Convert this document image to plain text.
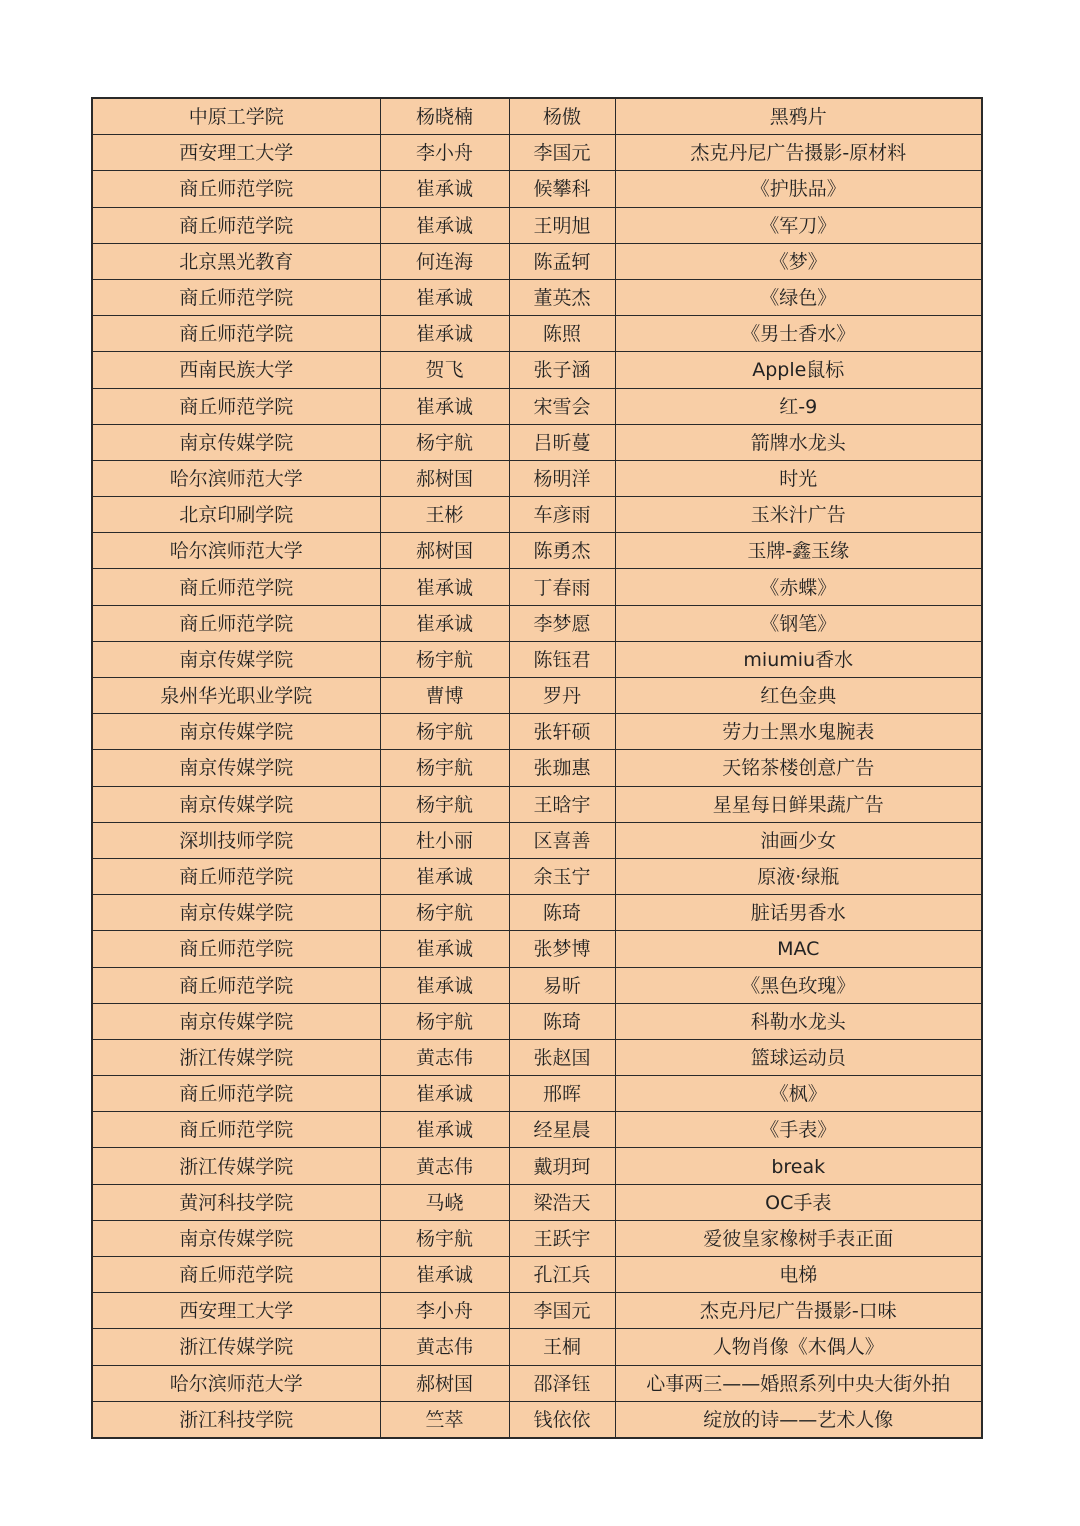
中原工学院	杨晓楠	杨傲	黑鸦片
西安理工大学	李小舟	李国元	杰克丹尼广告摄影-原材料
商丘师范学院	崔承诚	候攀科	《护肤品》
商丘师范学院	崔承诚	王明旭	《军刀》
北京黑光教育	何连海	陈孟轲	《梦》
商丘师范学院	崔承诚	董英杰	《绿色》
商丘师范学院	崔承诚	陈照	《男士香水》
西南民族大学	贺飞	张子涵	Apple鼠标
商丘师范学院	崔承诚	宋雪会	红-9
南京传媒学院	杨宇航	吕昕蔓	箭牌水龙头
哈尔滨师范大学	郝树国	杨明洋	时光
北京印刷学院	王彬	车彦雨	玉米汁广告
哈尔滨师范大学	郝树国	陈勇杰	玉牌-鑫玉缘
商丘师范学院	崔承诚	丁春雨	《赤蝶》
商丘师范学院	崔承诚	李梦愿	《钢笔》
南京传媒学院	杨宇航	陈钰君	miumiu香水
泉州华光职业学院	曹博	罗丹	红色金典
南京传媒学院	杨宇航	张轩硕	劳力士黑水鬼腕表
南京传媒学院	杨宇航	张珈惠	天铭茶楼创意广告
南京传媒学院	杨宇航	王晗宇	星星每日鲜果蔬广告
深圳技师学院	杜小丽	区喜善	油画少女
商丘师范学院	崔承诚	余玉宁	原液·绿瓶
南京传媒学院	杨宇航	陈琦	脏话男香水
商丘师范学院	崔承诚	张梦博	MAC
商丘师范学院	崔承诚	易昕	《黑色玫瑰》
南京传媒学院	杨宇航	陈琦	科勒水龙头
浙江传媒学院	黄志伟	张赵国	篮球运动员
商丘师范学院	崔承诚	邢晖	《枫》
商丘师范学院	崔承诚	经星晨	《手表》
浙江传媒学院	黄志伟	戴玥珂	break
黄河科技学院	马峣	梁浩天	OC手表
南京传媒学院	杨宇航	王跃宇	爱彼皇家橡树手表正面
商丘师范学院	崔承诚	孔江兵	电梯
西安理工大学	李小舟	李国元	杰克丹尼广告摄影-口味
浙江传媒学院	黄志伟	王桐	人物肖像《木偶人》
哈尔滨师范大学	郝树国	邵泽钰	心事两三——婚照系列中央大街外拍
浙江科技学院	竺萃	钱依依	绽放的诗——艺术人像
